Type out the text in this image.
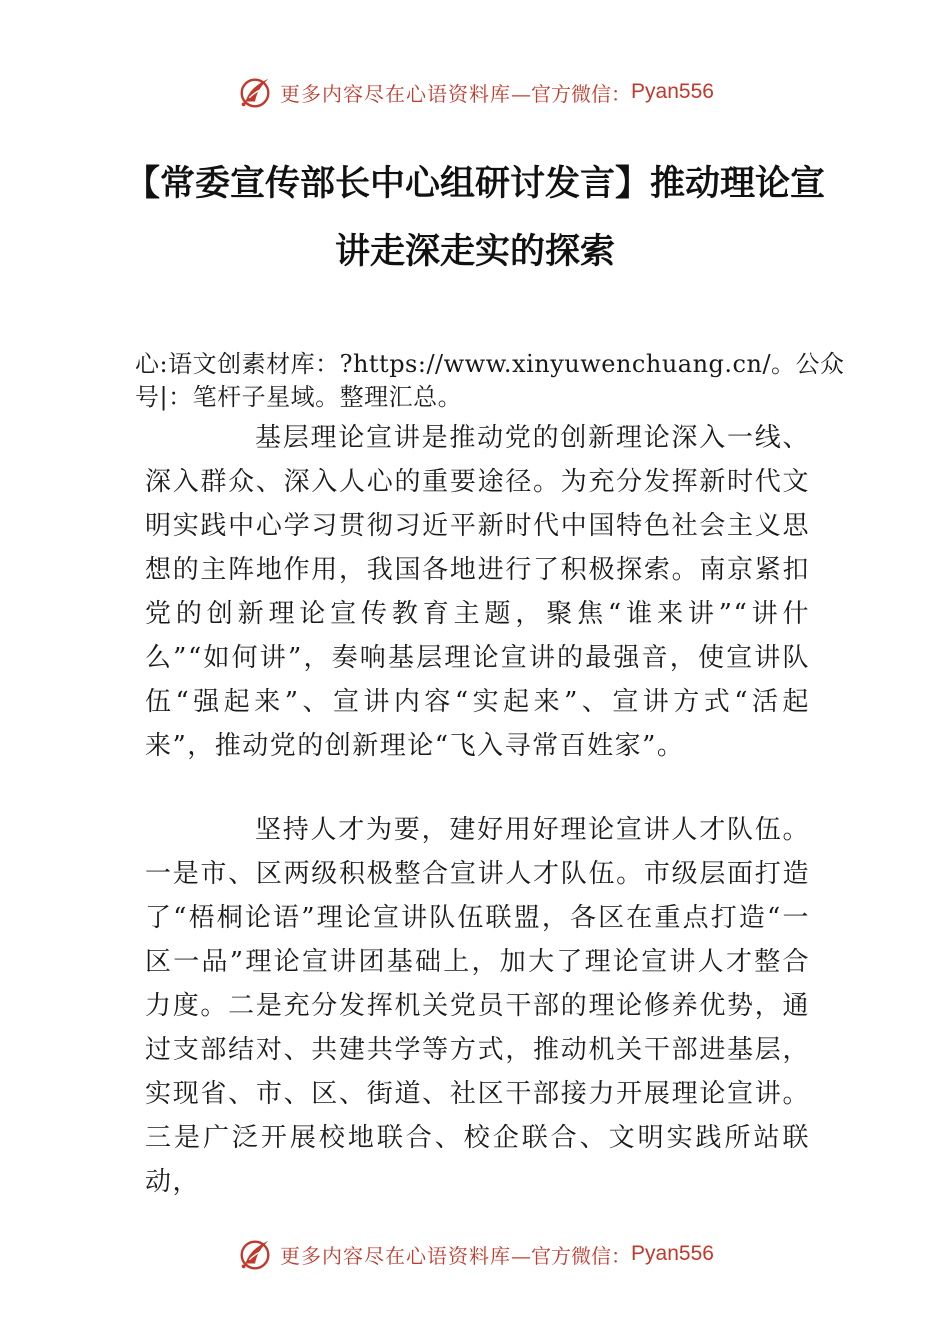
更多内容尽在心语资料库 —官方微信： Pyan556
【常委宣传部长中心组研讨发言】推动理论宣讲走深走实的探索
心:语文创素材库：?https://www.xinyuwenchuang.cn/。公众号|：笔杆子星域。整理汇总。
基层理论宣讲是推动党的创新理论深入一线、深入群众、深入人心的重要途径。为充分发挥新时代文明实践中心学习贯彻习近平新时代中国特色社会主义思想的主阵地作用，我国各地进行了积极探索。南京紧扣党的创新理论宣传教育主题，聚焦“谁来讲”“讲什么”“如何讲”，奏响基层理论宣讲的最强音，使宣讲队伍“强起来”、宣讲内容“实起来”、宣讲方式“活起来”，推动党的创新理论“飞入寻常百姓家”。
坚持人才为要，建好用好理论宣讲人才队伍。一是市、区两级积极整合宣讲人才队伍。市级层面打造了“梧桐论语”理论宣讲队伍联盟，各区在重点打造“一区一品”理论宣讲团基础上，加大了理论宣讲人才整合力度。二是充分发挥机关党员干部的理论修养优势，通过支部结对、共建共学等方式，推动机关干部进基层，实现省、市、区、街道、社区干部接力开展理论宣讲。三是广泛开展校地联合、校企联合、文明实践所站联动，
更多内容尽在心语资料库 —官方微信： Pyan556
